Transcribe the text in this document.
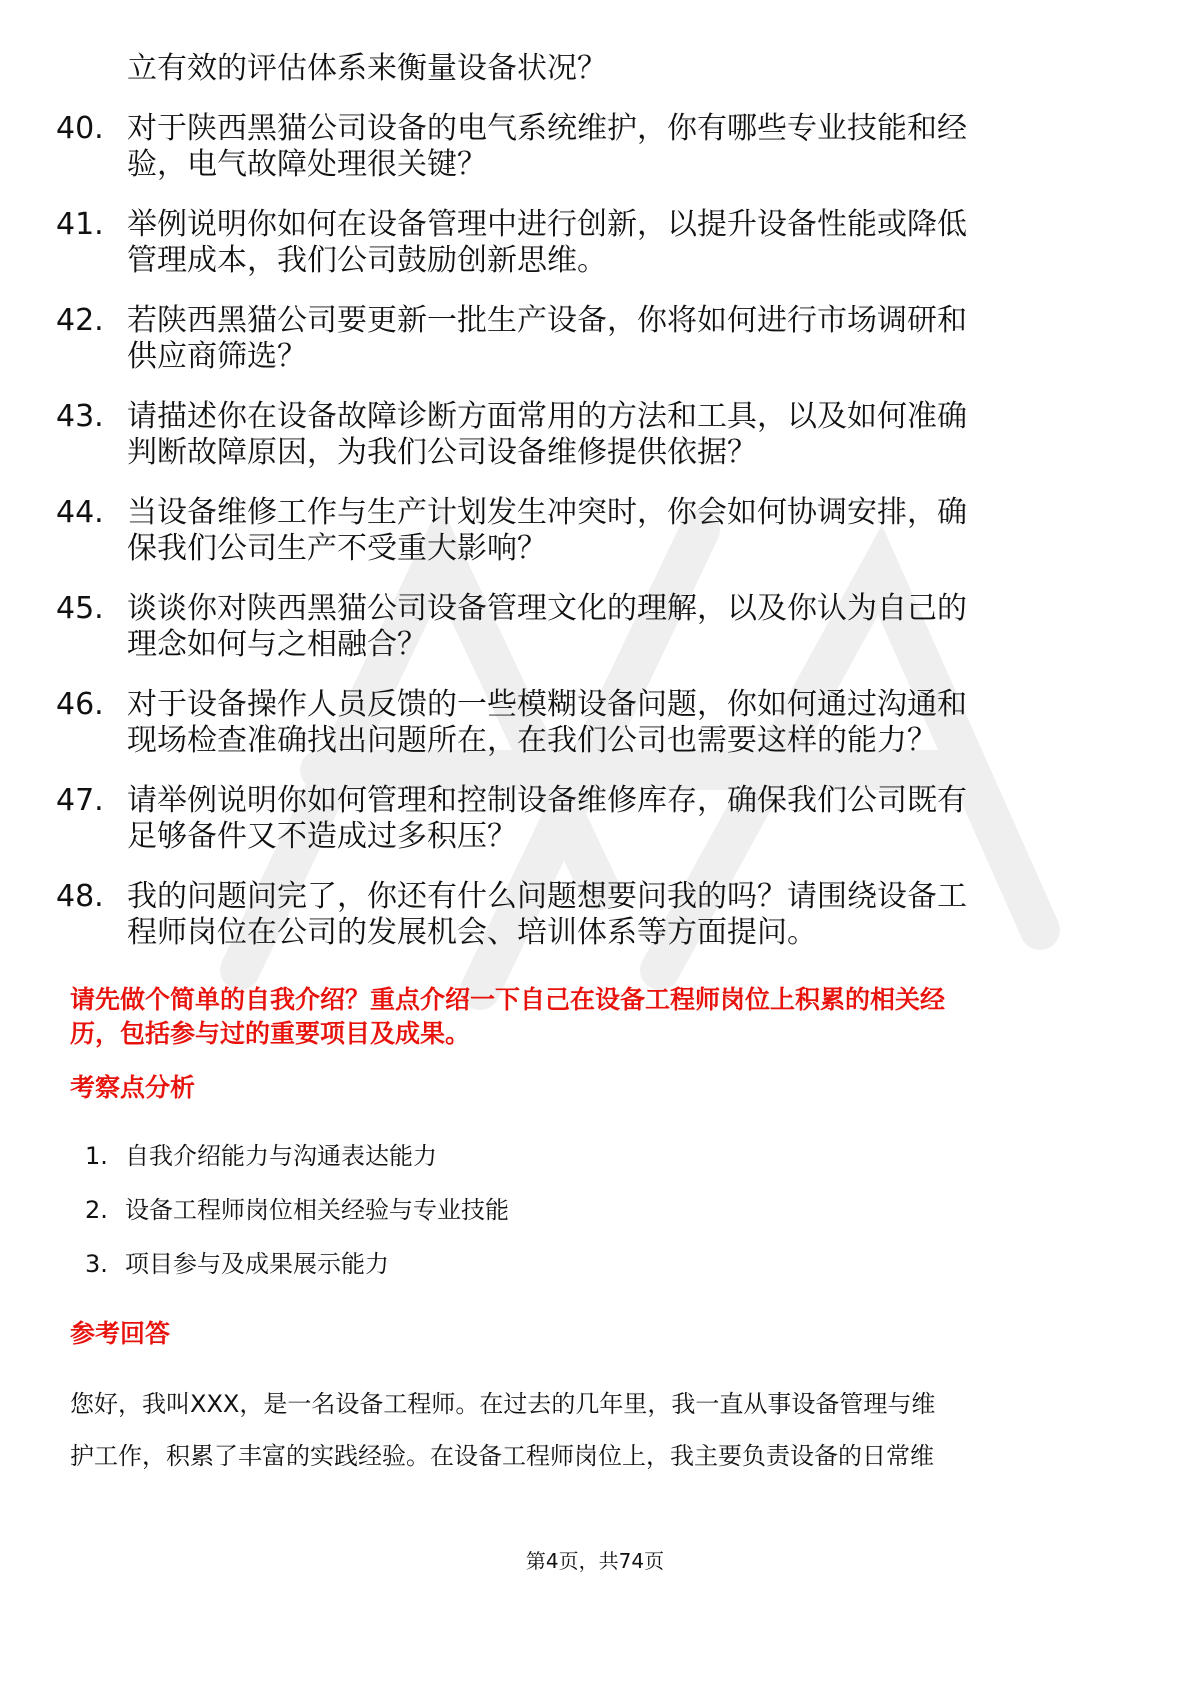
立有效的评估体系来衡量设备状况？
40. 对于陕西黑猫公司设备的电气系统维护，你有哪些专业技能和经
验，电气故障处理很关键？
41. 举例说明你如何在设备管理中进行创新，以提升设备性能或降低
管理成本，我们公司鼓励创新思维。
42. 若陕西黑猫公司要更新一批生产设备，你将如何进行市场调研和
供应商筛选？
43. 请描述你在设备故障诊断方面常用的方法和工具，以及如何准确
判断故障原因，为我们公司设备维修提供依据？
44. 当设备维修工作与生产计划发生冲突时，你会如何协调安排，确
保我们公司生产不受重大影响？
45. 谈谈你对陕西黑猫公司设备管理文化的理解，以及你认为自己的
理念如何与之相融合？
46. 对于设备操作人员反馈的一些模糊设备问题，你如何通过沟通和
现场检查准确找出问题所在，在我们公司也需要这样的能力？
47. 请举例说明你如何管理和控制设备维修库存，确保我们公司既有
足够备件又不造成过多积压？
48. 我的问题问完了，你还有什么问题想要问我的吗？请围绕设备工
程师岗位在公司的发展机会、培训体系等方面提问。
请先做个简单的自我介绍？重点介绍一下自己在设备工程师岗位上积累的相关经
历，包括参与过的重要项目及成果。
考察点分析
1. 自我介绍能力与沟通表达能力
2. 设备工程师岗位相关经验与专业技能
3. 项目参与及成果展示能力
参考回答
您好，我叫XXX，是一名设备工程师。在过去的几年里，我一直从事设备管理与维
护工作，积累了丰富的实践经验。在设备工程师岗位上，我主要负责设备的日常维
第4页，共74页
